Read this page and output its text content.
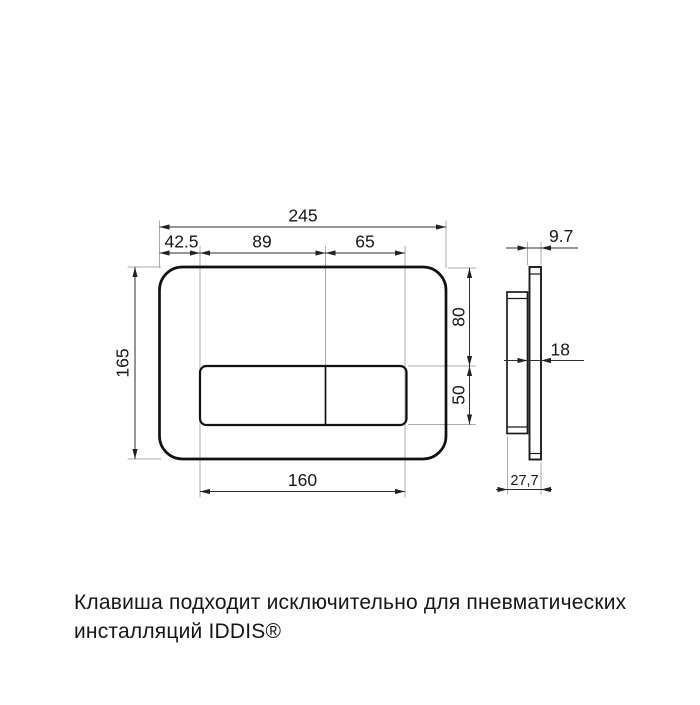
245
42.5	89	65
165
80
50
160
9.7
18
27,7
Клавиша подходит исключительно для пневматических
инсталляций IDDIS®
